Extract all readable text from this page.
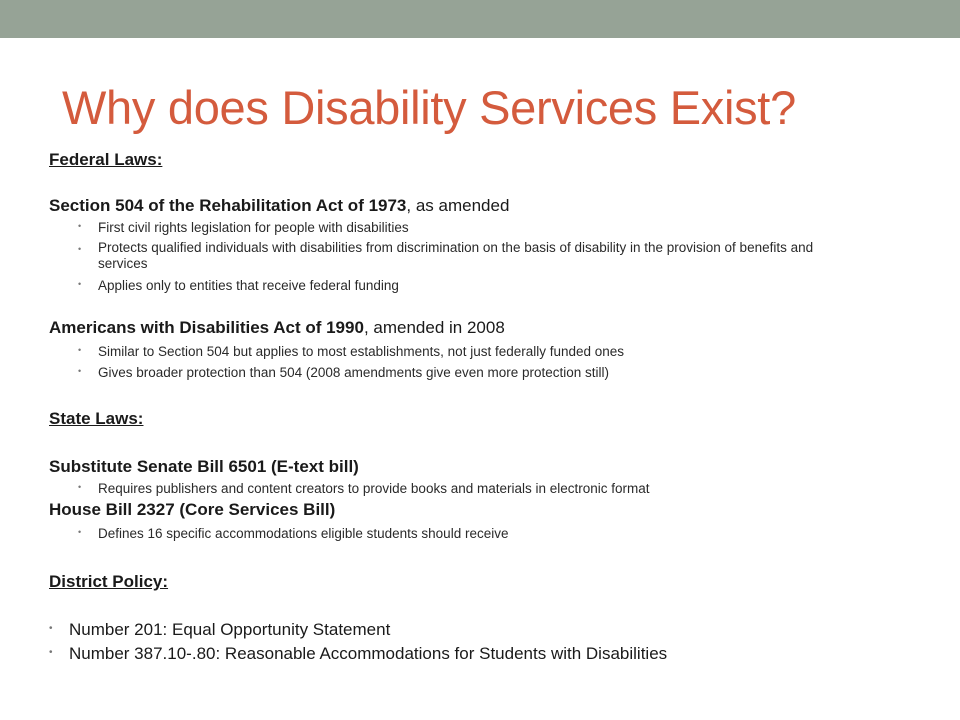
Why does Disability Services Exist?
Federal Laws:
Section 504 of the Rehabilitation Act of 1973, as amended
• First civil rights legislation for people with disabilities
• Protects qualified individuals with disabilities from discrimination on the basis of disability in the provision of benefits and services
• Applies only to entities that receive federal funding
Americans with Disabilities Act of 1990, amended in 2008
• Similar to Section 504 but applies to most establishments, not just federally funded ones
• Gives broader protection than 504 (2008 amendments give even more protection still)
State Laws:
Substitute Senate Bill 6501 (E-text bill)
• Requires publishers and content creators to provide books and materials in electronic format
House Bill 2327 (Core Services Bill)
• Defines 16 specific accommodations eligible students should receive
District Policy:
• Number 201: Equal Opportunity Statement
• Number 387.10-.80: Reasonable Accommodations for Students with Disabilities
